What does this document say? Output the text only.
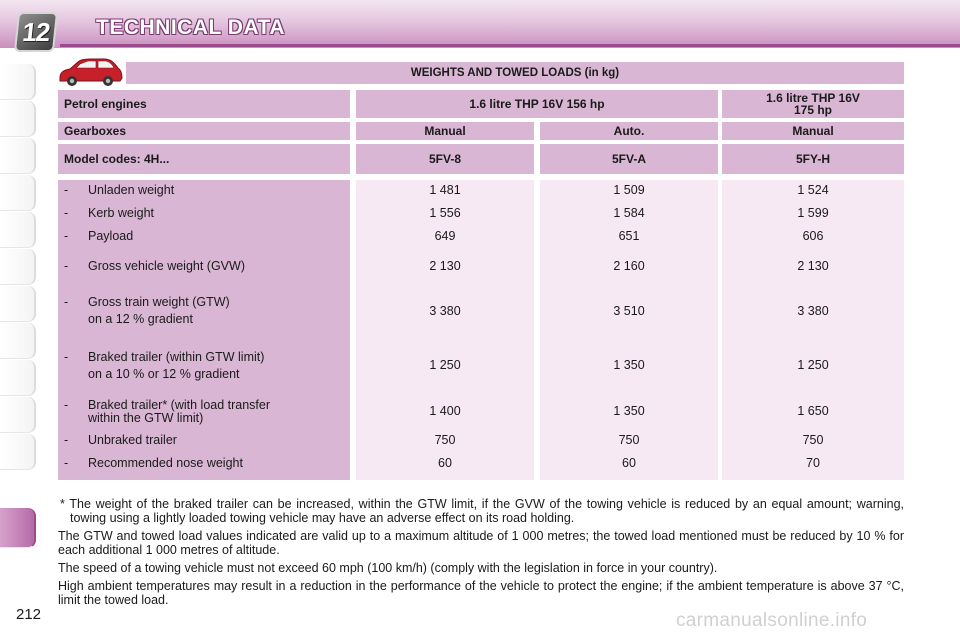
12 TECHNICAL DATA
WEIGHTS AND TOWED LOADS (in kg)
Petrol engines	1.6 litre THP 16V 156 hp	1.6 litre THP 16V
175 hp
Gearboxes	Manual	Auto.	Manual
Model codes: 4H...	5FV-8	5FV-A	5FY-H
- Unladen weight	1 481	1 509	1 524
- Kerb weight	1 556	1 584	1 599
- Payload	649	651	606
- Gross vehicle weight (GVW)	2 130	2 160	2 130
- Gross train weight (GTW)
on a 12 % gradient
3 380	3 510	3 380
- Braked trailer (within GTW limit)
on a 10 % or 12 % gradient
1 250	1 350	1 250
- Braked trailer* (with load transfer
within the GTW limit)	1 400	1 350	1 650
- Unbraked trailer	750	750	750
- Recommended nose weight	60	60	70

* The weight of the braked trailer can be increased, within the GTW limit, if the GVW of the towing vehicle is reduced by an equal amount; warning, towing using a lightly loaded towing vehicle may have an adverse effect on its road holding.

The GTW and towed load values indicated are valid up to a maximum altitude of 1 000 metres; the towed load mentioned must be reduced by 10 % for each additional 1 000 metres of altitude.

The speed of a towing vehicle must not exceed 60 mph (100 km/h) (comply with the legislation in force in your country).

High ambient temperatures may result in a reduction in the performance of the vehicle to protect the engine; if the ambient temperature is above 37 °C, limit the towed load.

212	carmanualsonline.info
